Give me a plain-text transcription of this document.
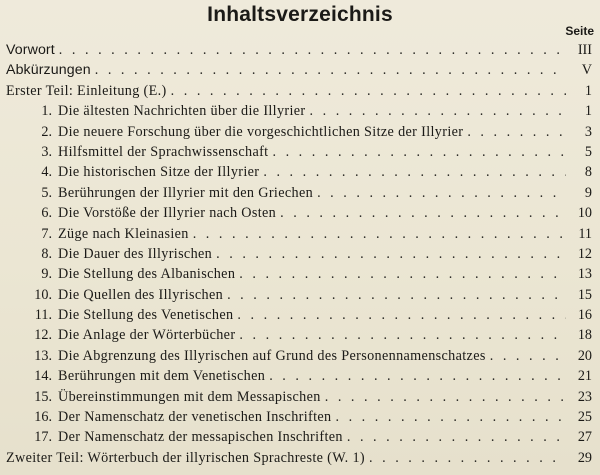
Inhaltsverzeichnis
Seite
Vorwort . . .	III
Abkürzungen . . .	V
Erster Teil: Einleitung (E.) . . .	1
1. Die ältesten Nachrichten über die Illyrier . . .	1
2. Die neuere Forschung über die vorgeschichtlichen Sitze der Illyrier . . .	3
3. Hilfsmittel der Sprachwissenschaft . . .	5
4. Die historischen Sitze der Illyrier . . .	8
5. Berührungen der Illyrier mit den Griechen . . .	9
6. Die Vorstöße der Illyrier nach Osten . . .	10
7. Züge nach Kleinasien . . .	11
8. Die Dauer des Illyrischen . . .	12
9. Die Stellung des Albanischen . . .	13
10. Die Quellen des Illyrischen . . .	15
11. Die Stellung des Venetischen . . .	16
12. Die Anlage der Wörterbücher . . .	18
13. Die Abgrenzung des Illyrischen auf Grund des Personennamenschatzes . . .	20
14. Berührungen mit dem Venetischen . . .	21
15. Übereinstimmungen mit dem Messapischen . . .	23
16. Der Namenschatz der venetischen Inschriften . . .	25
17. Der Namenschatz der messapischen Inschriften . . .	27
Zweiter Teil: Wörterbuch der illyrischen Sprachreste (W. 1) . . .	29
